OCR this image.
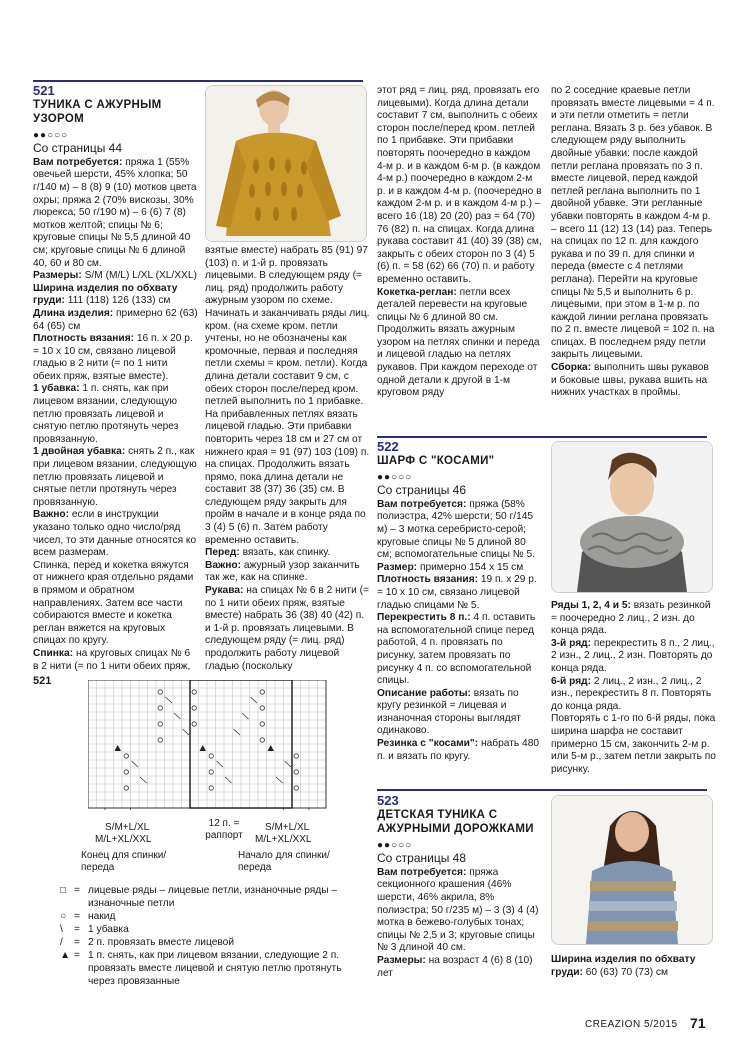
521
ТУНИКА С АЖУРНЫМ
УЗОРОМ
●●○○○
Со страницы 44

Вам потребуется: пряжа 1 (55% овечьей шерсти, 45% хлопка; 50 г/140 м) – 8 (8) 9 (10) мотков цвета охры; пряжа 2 (70% вискозы, 30% люрекса; 50 г/190 м) – 6 (6) 7 (8) мотков желтой; спицы № 6; круговые спицы № 5,5 длиной 40 см; круговые спицы № 6 длиной 40, 60 и 80 см.

Размеры: S/M (M/L) L/XL (XL/XXL)

Ширина изделия по обхвату груди: 111 (118) 126 (133) см

Длина изделия: примерно 62 (63) 64 (65) см

Плотность вязания: 16 п. х 20 р. = 10 х 10 см, связано лицевой гладью в 2 нити (= по 1 нити обеих пряж, взятые вместе).

1 убавка: 1 п. снять, как при лицевом вязании, следующую петлю провязать лицевой и снятую петлю протянуть через провязанную.

1 двойная убавка: снять 2 п., как при лицевом вязании, следующую петлю провязать лицевой и снятые петли протянуть через провязанную.

Важно: если в инструкции указано только одно число/ряд чисел, то эти данные относятся ко всем размерам.

Спинка, перед и кокетка вяжутся от нижнего края отдельно рядами в прямом и обратном направлениях. Затем все части собираются вместе и кокетка реглан вяжется на круговых спицах по кругу.

Спинка: на круговых спицах № 6 в 2 нити (= по 1 нити обеих пряж,

взятые вместе) набрать 85 (91) 97 (103) п. и 1-й р. провязать лицевыми. В следующем ряду (= лиц. ряд) продолжить работу ажурным узором по схеме. Начинать и заканчивать ряды лиц. кром. (на схеме кром. петли учтены, но не обозначены как кромочные, первая и последняя петли схемы = кром. петли). Когда длина детали составит 9 см, с обеих сторон после/перед кром. петлей выполнить по 1 прибавке. На прибавленных петлях вязать лицевой гладью. Эти прибавки повторить через 18 см и 27 см от нижнего края = 91 (97) 103 (109) п. на спицах. Продолжить вязать прямо, пока длина детали не составит 38 (37) 36 (35) см. В следующем ряду закрыть для пройм в начале и в конце ряда по 3 (4) 5 (6) п. Затем работу временно оставить.

Перед: вязать, как спинку.

Важно: ажурный узор заканчить так же, как на спинке.

Рукава: на спицах № 6 в 2 нити (= по 1 нити обеих пряж, взятые вместе) набрать 36 (38) 40 (42) п. и 1-й р. провязать лицевыми. В следующем ряду (= лиц. ряд) продолжить работу лицевой гладью (поскольку

этот ряд = лиц. ряд, провязать его лицевыми). Когда длина детали составит 7 см, выполнить с обеих сторон после/перед кром. петлей по 1 прибавке. Эти прибавки повторять поочередно в каждом 4-м р. и в каждом 6-м р. (в каждом 4-м р.) поочередно в каждом 2-м р. и в каждом 4-м р. (поочередно в каждом 2-м р. и в каждом 4-м р.) – всего 16 (18) 20 (20) раз = 64 (70) 76 (82) п. на спицах. Когда длина рукава составит 41 (40) 39 (38) см, закрыть с обеих сторон по 3 (4) 5 (6) п. = 58 (62) 66 (70) п. и работу временно оставить.

Кокетка-реглан: петли всех деталей перевести на круговые спицы № 6 длиной 80 см. Продолжить вязать ажурным узором на петлях спинки и переда и лицевой гладью на петлях рукавов. При каждом переходе от одной детали к другой в 1-м круговом ряду

по 2 соседние краевые петли провязать вместе лицевыми = 4 п. и эти петли отметить = петли реглана. Вязать 3 р. без убавок. В следующем ряду выполнить двойные убавки: после каждой петли реглана провязать по 3 п. вместе лицевой, перед каждой петлей реглана выполнить по 1 двойной убавке. Эти регланные убавки повторять в каждом 4-м р. – всего 11 (12) 13 (14) раз. Теперь на спицах по 12 п. для каждого рукава и по 39 п. для спинки и переда (вместе с 4 петлями реглана). Перейти на круговые спицы № 5,5 и выполнить 6 р. лицевыми, при этом в 1-м р. по каждой линии реглана провязать по 2 п. вместе лицевой = 102 п. на спицах. В последнем ряду петли закрыть лицевыми.

Сборка: выполнить швы рукавов и боковые швы, рукава вшить на нижних участках в проймы.

521
S/M+L/XL
M/L+XL/XXL
Конец для спинки/переда
12 п. = раппорт
S/M+L/XL
M/L+XL/XXL
Начало для спинки/переда
□ = лицевые ряды – лицевые петли, изнаночные ряды – изнаночные петли
○ = накид
\	= 1 убавка
/	= 2 п. провязать вместе лицевой
▲ = 1 п. снять, как при лицевом вязании, следующие 2 п. провязать вместе лицевой и снятую петлю протянуть через провязанные
522
ШАРФ С "КОСАМИ"
●●○○○
Со страницы 46

Вам потребуется: пряжа (58% полиэстра, 42% шерсти; 50 г/145 м) – 3 мотка серебристо-серой; круговые спицы № 5 длиной 80 см; вспомогательные спицы № 5.

Размер: примерно 154 х 15 см

Плотность вязания: 19 п. х 29 р. = 10 х 10 см, связано лицевой гладью спицами № 5.

Перекрестить 8 п.: 4 п. оставить на вспомогательной спице перед работой, 4 п. провязать по рисунку, затем провязать по рисунку 4 п. со вспомогательной спицы.

Описание работы: вязать по кругу резинкой = лицевая и изнаночная стороны выглядят одинаково.

Резинка с "косами": набрать 480 п. и вязать по кругу.

Ряды 1, 2, 4 и 5: вязать резинкой = поочередно 2 лиц., 2 изн. до конца ряда.

3-й ряд: перекрестить 8 п., 2 лиц., 2 изн., 2 лиц., 2 изн. Повторять до конца ряда.

6-й ряд: 2 лиц., 2 изн., 2 лиц., 2 изн., перекрестить 8 п. Повторять до конца ряда.

Повторять с 1-го по 6-й ряды, пока ширина шарфа не составит примерно 15 см, закончить 2-м р. или 5-м р., затем петли закрыть по рисунку.

523
ДЕТСКАЯ ТУНИКА С
АЖУРНЫМИ ДОРОЖКАМИ
●●○○○
Со страницы 48

Вам потребуется: пряжа секционного крашения (46% шерсти, 46% акрила, 8% полиэстра; 50 г/235 м) – 3 (3) 4 (4) мотка в бежево-голубых тонах; спицы № 2,5 и 3; круговые спицы № 3 длиной 40 см.

Размеры: на возраст 4 (6) 8 (10) лет

Ширина изделия по обхвату груди: 60 (63) 70 (73) см

CREAZION 5/2015 71
